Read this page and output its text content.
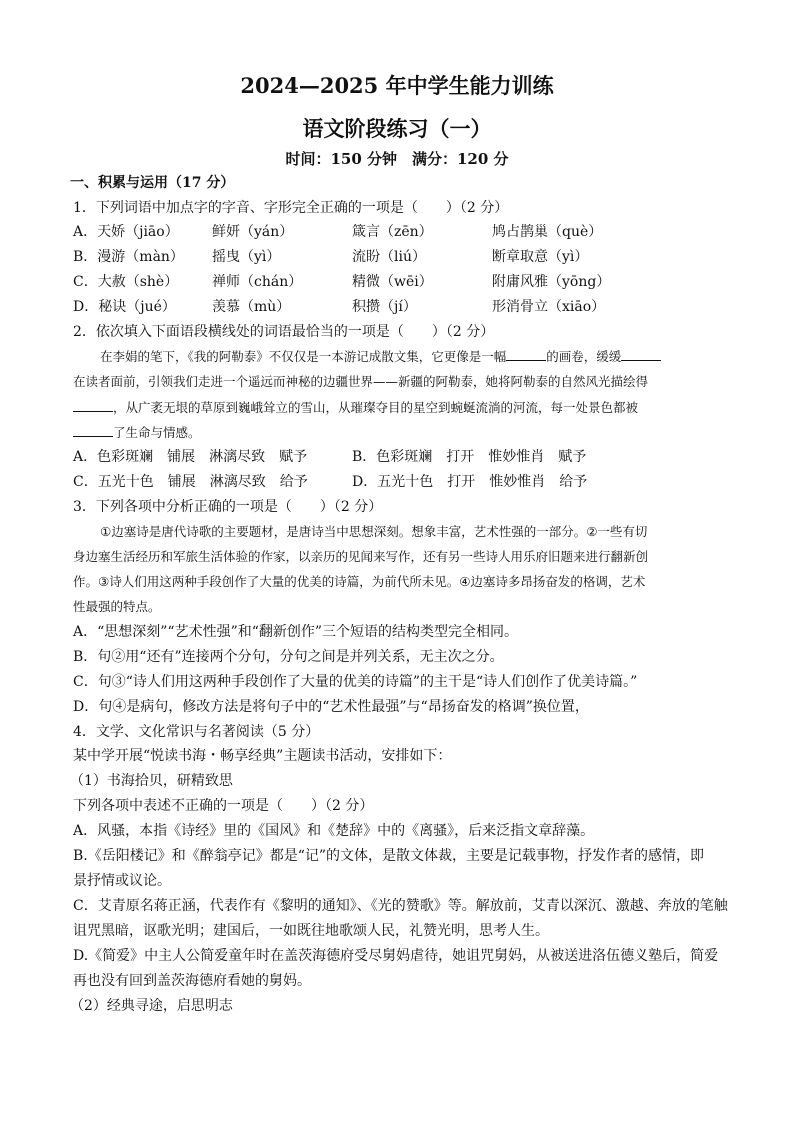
2024—2025 年中学生能力训练
语文阶段练习（一）
时间：150 分钟　满分：120 分
一、积累与运用（17 分）
1．下列词语中加点字的字音、字形完全正确的一项是（　　）（2 分）
A．天娇（jiāo） 鲜妍（yán）	箴言（zēn）	鸠占鹊巢（què）
B．漫游（màn） 摇曳（yì）	流盼（liú）	断章取意（yì）
C．大赦（shè） 禅师（chán）	精微（wēi）	附庸风雅（yōng）
D．秘诀（jué）	羡慕（mù）	积攒（jí）	形消骨立（xiāo）
2．依次填入下面语段横线处的词语最恰当的一项是（　　）（2 分）
在李娟的笔下，《我的阿勒泰》不仅仅是一本游记成散文集，它更像是一幅	的画卷，缓缓
在读者面前，引领我们走进一个遥远而神秘的边疆世界——新疆的阿勒泰，她将阿勒泰的自然风光描绘得
，从广袤无垠的草原到巍峨耸立的雪山，从璀璨夺目的星空到蜿蜒流淌的河流，每一处景色都被
了生命与情感。
A．色彩斑斓　铺展　淋漓尽致　赋予	B．色彩斑斓　打开　惟妙惟肖　赋予
C．五光十色　铺展　淋漓尽致　给予	D．五光十色　打开　惟妙惟肖　给予
3．下列各项中分析正确的一项是（　　）（2 分）
①边塞诗是唐代诗歌的主要题材，是唐诗当中思想深刻。想象丰富，艺术性强的一部分。②一些有切
身边塞生活经历和军旅生活体验的作家，以亲历的见闻来写作，还有另一些诗人用乐府旧题来进行翻新创
作。③诗人们用这两种手段创作了大量的优美的诗篇，为前代所未见。④边塞诗多昂扬奋发的格调，艺术
性最强的特点。
A．“思想深刻”“艺术性强”和“翻新创作”三个短语的结构类型完全相同。
B．句②用“还有”连接两个分句，分句之间是并列关系，无主次之分。
C．句③“诗人们用这两种手段创作了大量的优美的诗篇”的主干是“诗人们创作了优美诗篇。”
D．句④是病句，修改方法是将句子中的“艺术性最强”与“昂扬奋发的格调”换位置，
4．文学、文化常识与名著阅读（5 分）
某中学开展“悦读书海・畅享经典”主题读书活动，安排如下：
（1）书海拾贝，研精致思
下列各项中表述不正确的一项是（　　）（2 分）
A．风骚，本指《诗经》里的《国风》和《楚辞》中的《离骚》，后来泛指文章辞藻。
B.《岳阳楼记》和《醉翁亭记》都是“记”的文体，是散文体裁，主要是记载事物，抒发作者的感情，即
景抒情或议论。
C．艾青原名蒋正涵，代表作有《黎明的通知》、《光的赞歌》等。解放前，艾青以深沉、激越、奔放的笔触
诅咒黑暗，讴歌光明；建国后，一如既往地歌颂人民，礼赞光明，思考人生。
D.《简爱》中主人公简爱童年时在盖茨海德府受尽舅妈虐待，她诅咒舅妈，从被送进洛伍德义塾后，简爱
再也没有回到盖茨海德府看她的舅妈。
（2）经典寻途，启思明志
